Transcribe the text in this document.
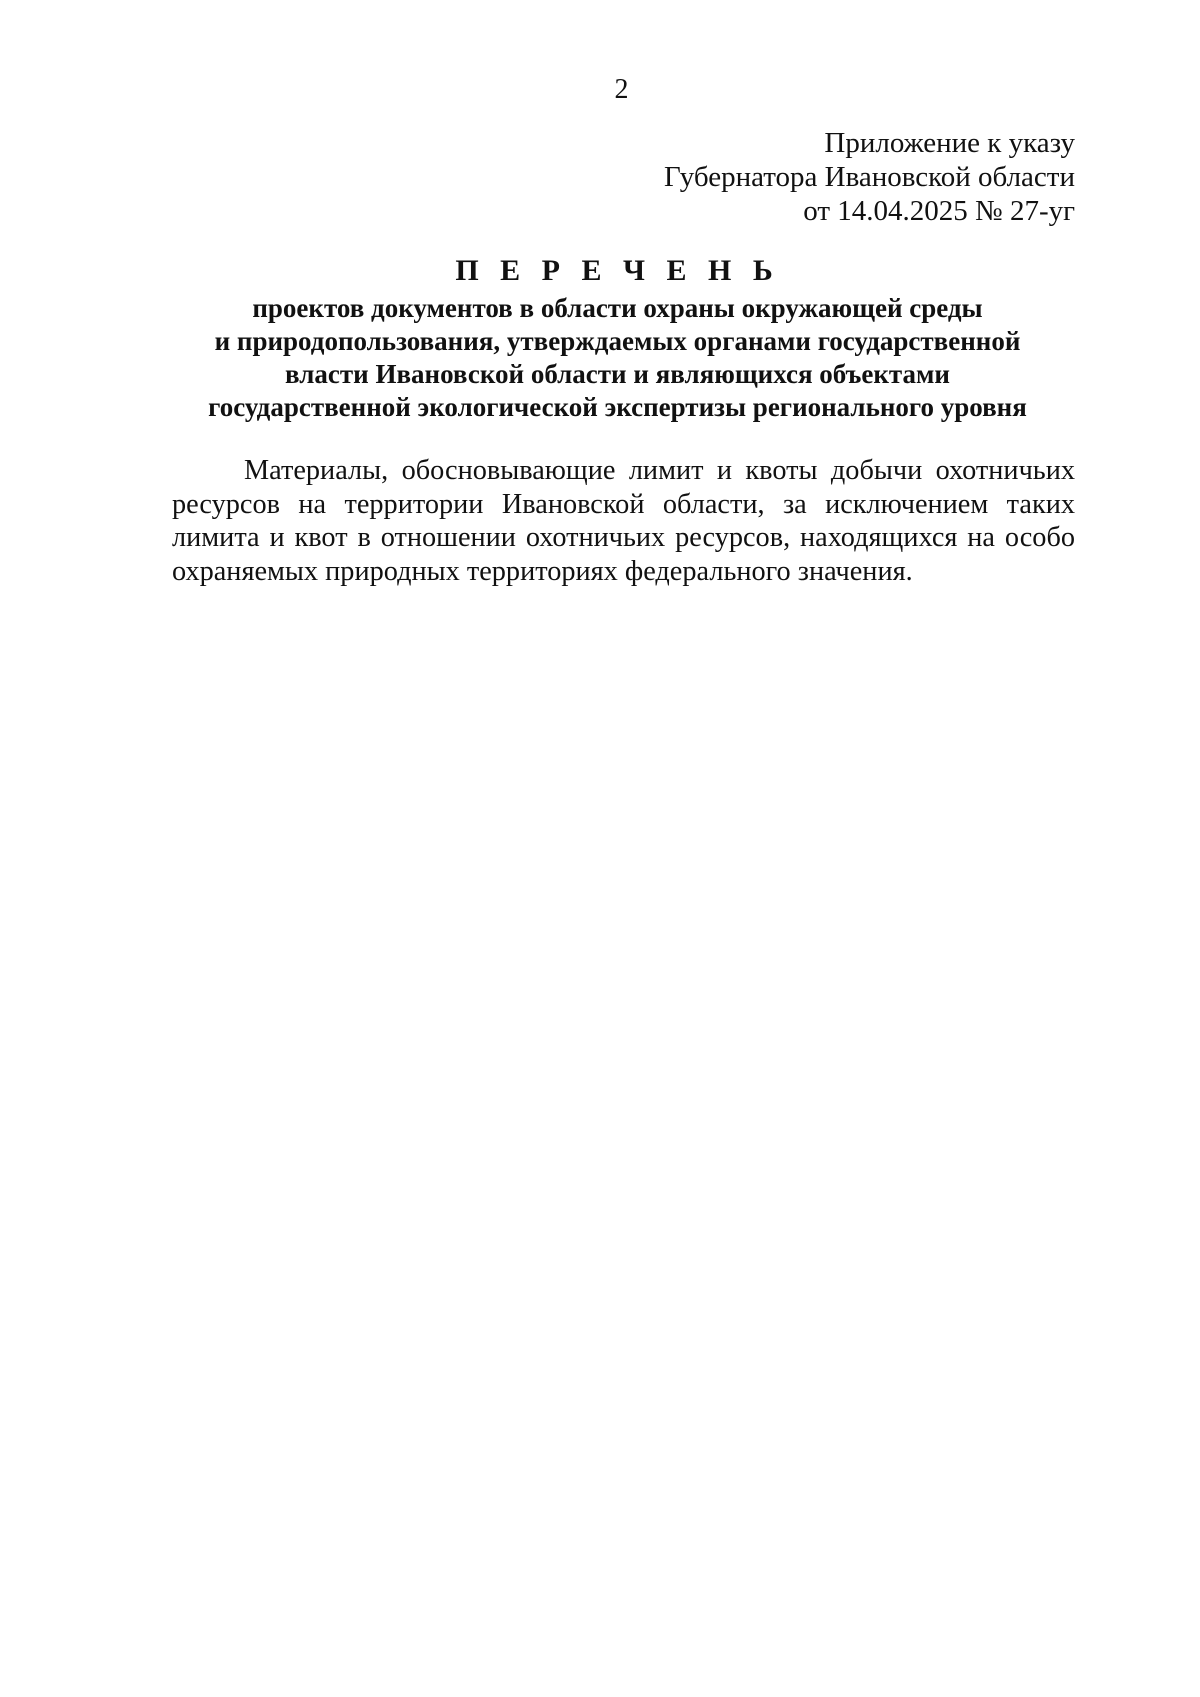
2
Приложение к указу
Губернатора Ивановской области
от 14.04.2025 № 27-уг
П Е Р Е Ч Е Н Ь
проектов документов в области охраны окружающей среды
и природопользования, утверждаемых органами государственной
власти Ивановской области и являющихся объектами
государственной экологической экспертизы регионального уровня
Материалы, обосновывающие лимит и квоты добычи охотничьих
ресурсов на территории Ивановской области, за исключением таких
лимита и квот в отношении охотничьих ресурсов, находящихся на особо
охраняемых природных территориях федерального значения.
